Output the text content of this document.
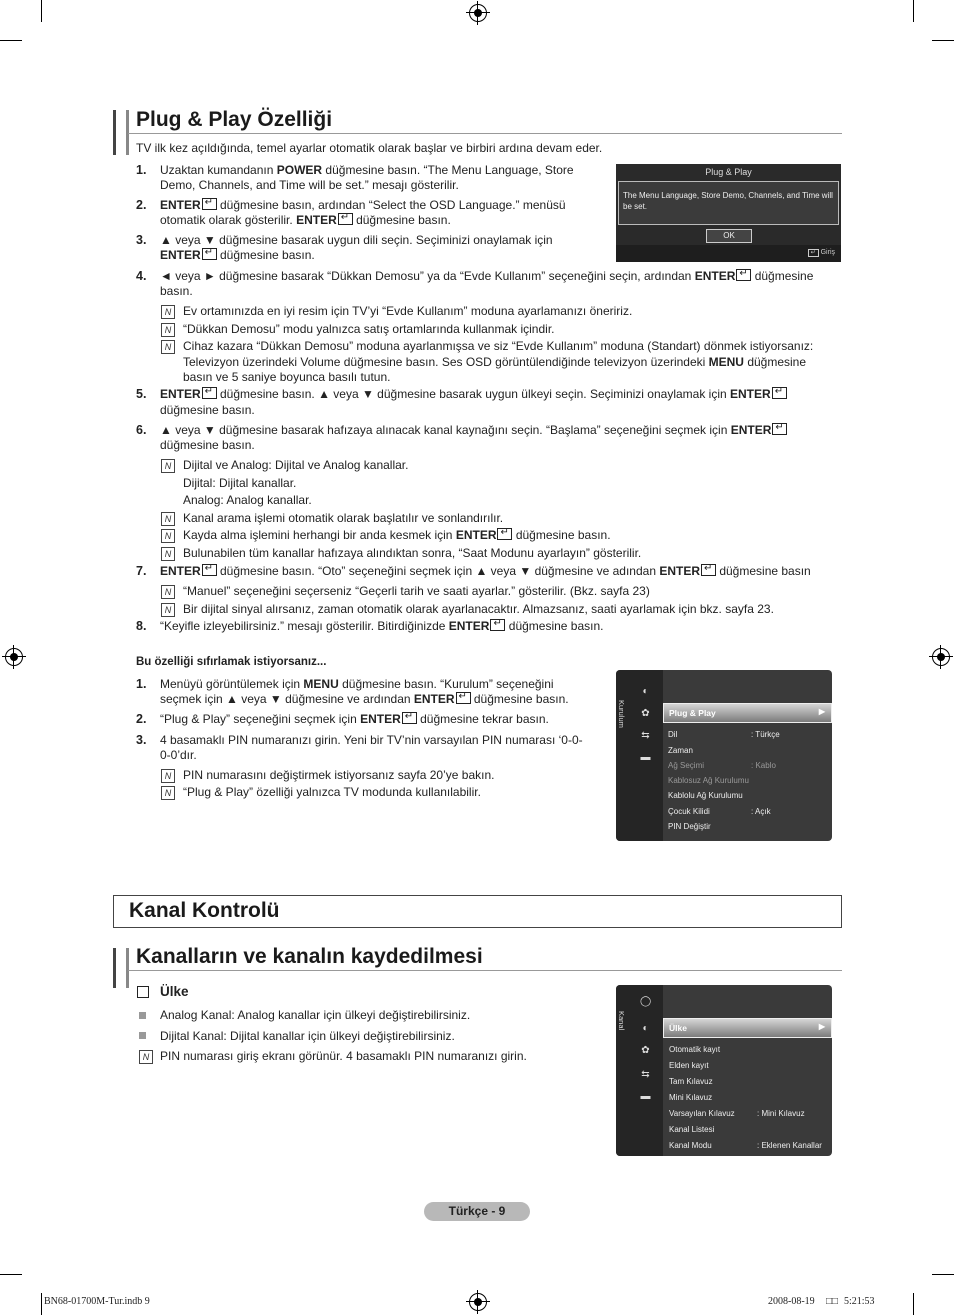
Plug & Play Özelliği
TV ilk kez açıldığında, temel ayarlar otomatik olarak başlar ve birbiri ardına devam eder.
1. Uzaktan kumandanın POWER düğmesine basın. “The Menu Language, Store
Demo, Channels, and Time will be set.” mesajı gösterilir.
2. ENTER↵ düğmesine basın, ardından “Select the OSD Language.” menüsü
otomatik olarak gösterilir. ENTER↵ düğmesine basın.
3. ▲ veya ▼ düğmesine basarak uygun dili seçin. Seçiminizi onaylamak için
ENTER↵ düğmesine basın.
Plug & Play
The Menu Language, Store Demo, Channels, and Time will be set.
OK
↵ Giriş
4. ◄ veya ► düğmesine basarak “Dükkan Demosu” ya da “Evde Kullanım” seçeneğini seçin, ardından ENTER↵ düğmesine
basın.
N Ev ortamınızda en iyi resim için TV’yi “Evde Kullanım” moduna ayarlamanızı öneririz.
N “Dükkan Demosu” modu yalnızca satış ortamlarında kullanmak içindir.
N Cihaz kazara “Dükkan Demosu” moduna ayarlanmışsa ve siz “Evde Kullanım” moduna (Standart) dönmek istiyorsanız:
Televizyon üzerindeki Volume düğmesine basın. Ses OSD görüntülendiğinde televizyon üzerindeki MENU düğmesine
basın ve 5 saniye boyunca basılı tutun.
5. ENTER↵ düğmesine basın. ▲ veya ▼ düğmesine basarak uygun ülkeyi seçin. Seçiminizi onaylamak için ENTER↵
düğmesine basın.
6. ▲ veya ▼ düğmesine basarak hafızaya alınacak kanal kaynağını seçin. “Başlama” seçeneğini seçmek için ENTER↵
düğmesine basın.
N Dijital ve Analog: Dijital ve Analog kanallar.
Dijital: Dijital kanallar.
Analog: Analog kanallar.
N Kanal arama işlemi otomatik olarak başlatılır ve sonlandırılır.
N Kayda alma işlemini herhangi bir anda kesmek için ENTER↵ düğmesine basın.
N Bulunabilen tüm kanallar hafızaya alındıktan sonra, “Saat Modunu ayarlayın” gösterilir.
7. ENTER↵ düğmesine basın. “Oto” seçeneğini seçmek için ▲ veya ▼ düğmesine ve adından ENTER↵ düğmesine basın
N “Manuel” seçeneğini seçerseniz “Geçerli tarih ve saati ayarlar.” gösterilir. (Bkz. sayfa 23)
N Bir dijital sinyal alırsanız, zaman otomatik olarak ayarlanacaktır. Almazsanız, saati ayarlamak için bkz. sayfa 23.
8. “Keyifle izleyebilirsiniz.” mesajı gösterilir. Bitirdiğinizde ENTER↵ düğmesine basın.
Bu özelliği sıfırlamak istiyorsanız...
1. Menüyü görüntülemek için MENU düğmesine basın. “Kurulum” seçeneğini
seçmek için ▲ veya ▼ düğmesine ve ardından ENTER↵ düğmesine basın.
2. “Plug & Play” seçeneğini seçmek için ENTER↵ düğmesine tekrar basın.
3. 4 basamaklı PIN numaranızı girin. Yeni bir TV’nin varsayılan PIN numarası ‘0-0-
0-0’dır.
N PIN numarasını değiştirmek istiyorsanız sayfa 20’ye bakın.
N “Plug & Play” özelliği yalnızca TV modunda kullanılabilir.
Kurulum
◐
✿
⇆
▬
Plug & Play	▶
Dil	: Türkçe
Zaman
Ağ Seçimi	: Kablo
Kablosuz Ağ Kurulumu
Kablolu Ağ Kurulumu
Çocuk Kilidi	: Açık
PIN Değiştir
Kanal Kontrolü
Kanalların ve kanalın kaydedilmesi
Ülke
Analog Kanal: Analog kanallar için ülkeyi değiştirebilirsiniz.
Dijital Kanal: Dijital kanallar için ülkeyi değiştirebilirsiniz.
N PIN numarası giriş ekranı görünür. 4 basamaklı PIN numaranızı girin.
Kanal
◯
◐
✿
⇆
▬
Ülke	▶
Otomatik kayıt
Elden kayıt
Tam Kılavuz
Mini Kılavuz
Varsayılan Kılavuz	: Mini Kılavuz
Kanal Listesi
Kanal Modu	: Eklenen Kanallar
Türkçe - 9
BN68-01700M-Tur.indb 9	2008-08-19 □□ 5:21:53
